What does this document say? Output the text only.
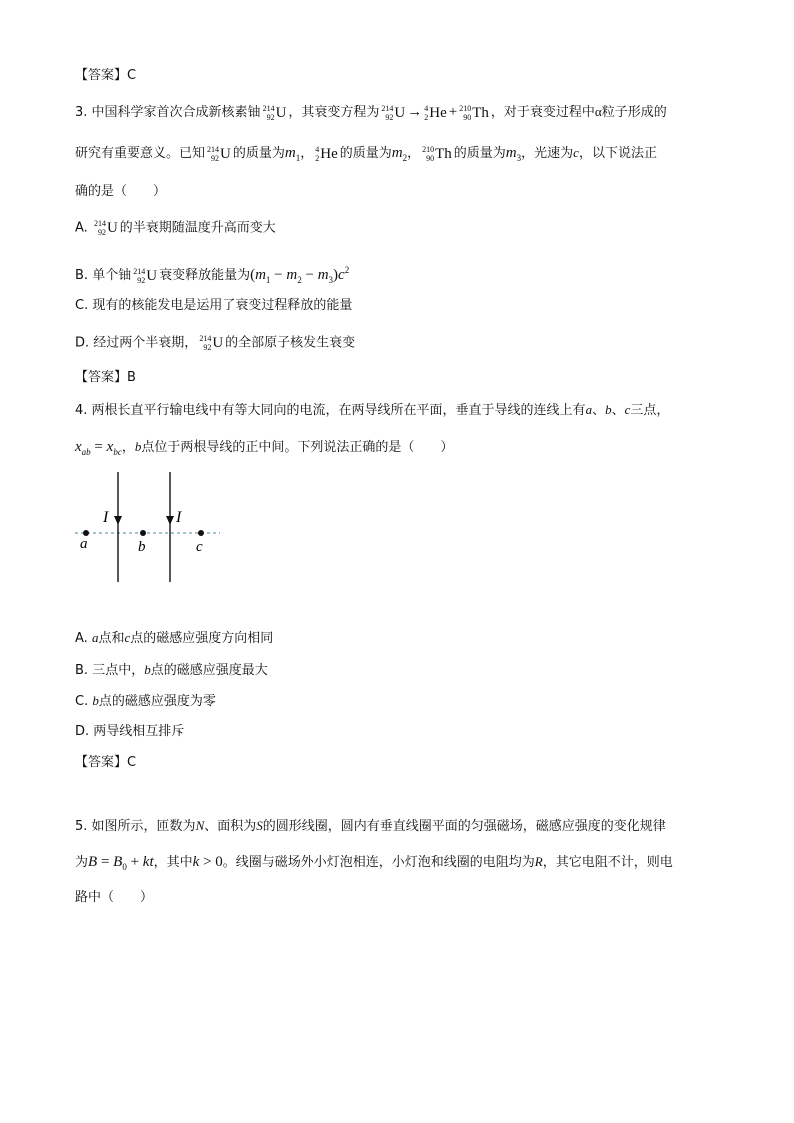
【答案】C
3. 中国科学家首次合成新核素铀 214
92 U ，其衰变方程为 214
92 U → 4
2 He + 210
90 Th ，对于衰变过程中α粒子形成的
研究有重要意义。已知 214
92 U 的质量为$m_1$， 4
2 He 的质量为$m_2$， 210
90 Th 的质量为$m_3$，光速为c，以下说法正
确的是（　　）
A. 214
92 U 的半衰期随温度升高而变大
B. 单个铀 214
92 U 衰变释放能量为$(m_1 - m_2 - m_3)c^2$
C. 现有的核能发电是运用了衰变过程释放的能量
D. 经过两个半衰期， 214
92 U 的全部原子核发生衰变
【答案】B
4. 两根长直平行输电线中有等大同向的电流，在两导线所在平面，垂直于导线的连线上有a、b、c三点，
$x_{ab} = x_{bc}$，b点位于两根导线的正中间。下列说法正确的是（　　）
I	I
a	b	c
A. a点和c点的磁感应强度方向相同
B. 三点中，b点的磁感应强度最大
C. b点的磁感应强度为零
D. 两导线相互排斥
【答案】C
5. 如图所示，匝数为N、面积为S的圆形线圈，圆内有垂直线圈平面的匀强磁场，磁感应强度的变化规律
为$B = B_0$ + kt，其中k > 0。线圈与磁场外小灯泡相连，小灯泡和线圈的电阻均为R，其它电阻不计，则电
路中（　　）
